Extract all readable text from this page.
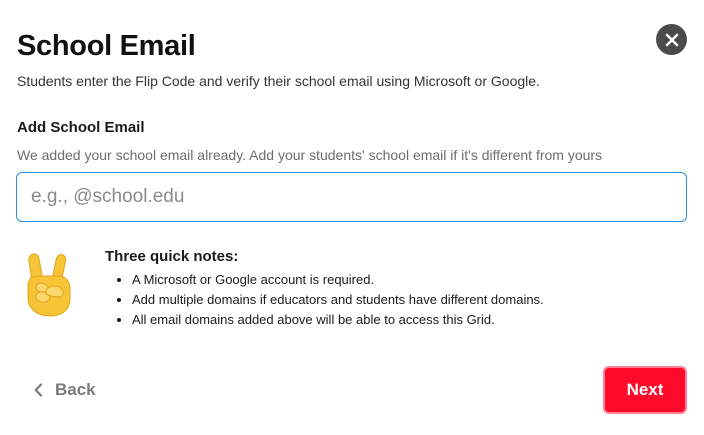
School Email
Students enter the Flip Code and verify their school email using Microsoft or Google.
Add School Email
We added your school email already. Add your students' school email if it's different from yours
e.g., @school.edu
Three quick notes:
• A Microsoft or Google account is required.
• Add multiple domains if educators and students have different domains.
• All email domains added above will be able to access this Grid.
Back	Next
